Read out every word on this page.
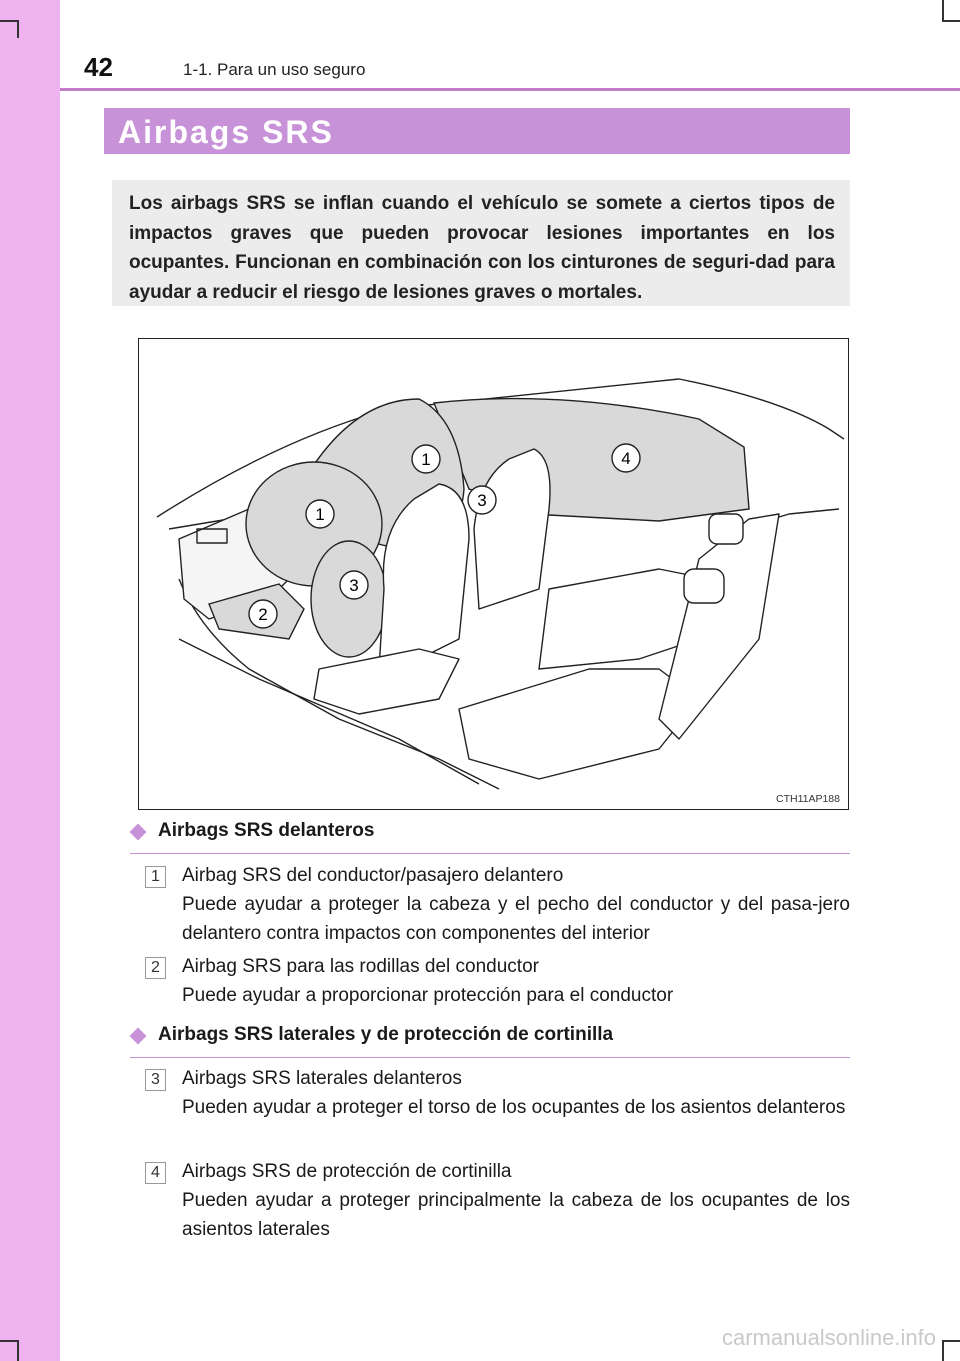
42	1-1. Para un uso seguro
Airbags SRS

Los airbags SRS se inflan cuando el vehículo se somete a ciertos tipos de impactos graves que pueden provocar lesiones importantes en los ocupantes. Funcionan en combinación con los cinturones de seguri-dad para ayudar a reducir el riesgo de lesiones graves o mortales.

1
1
2
3
3
4
CTH11AP188
Airbags SRS delanteros
1	Airbag SRS del conductor/pasajero delantero
Puede ayudar a proteger la cabeza y el pecho del conductor y del pasa-jero delantero contra impactos con componentes del interior
2	Airbag SRS para las rodillas del conductor
Puede ayudar a proporcionar protección para el conductor
Airbags SRS laterales y de protección de cortinilla
3	Airbags SRS laterales delanteros
Pueden ayudar a proteger el torso de los ocupantes de los asientos delanteros
4	Airbags SRS de protección de cortinilla
Pueden ayudar a proteger principalmente la cabeza de los ocupantes de los asientos laterales
carmanualsonline.info
